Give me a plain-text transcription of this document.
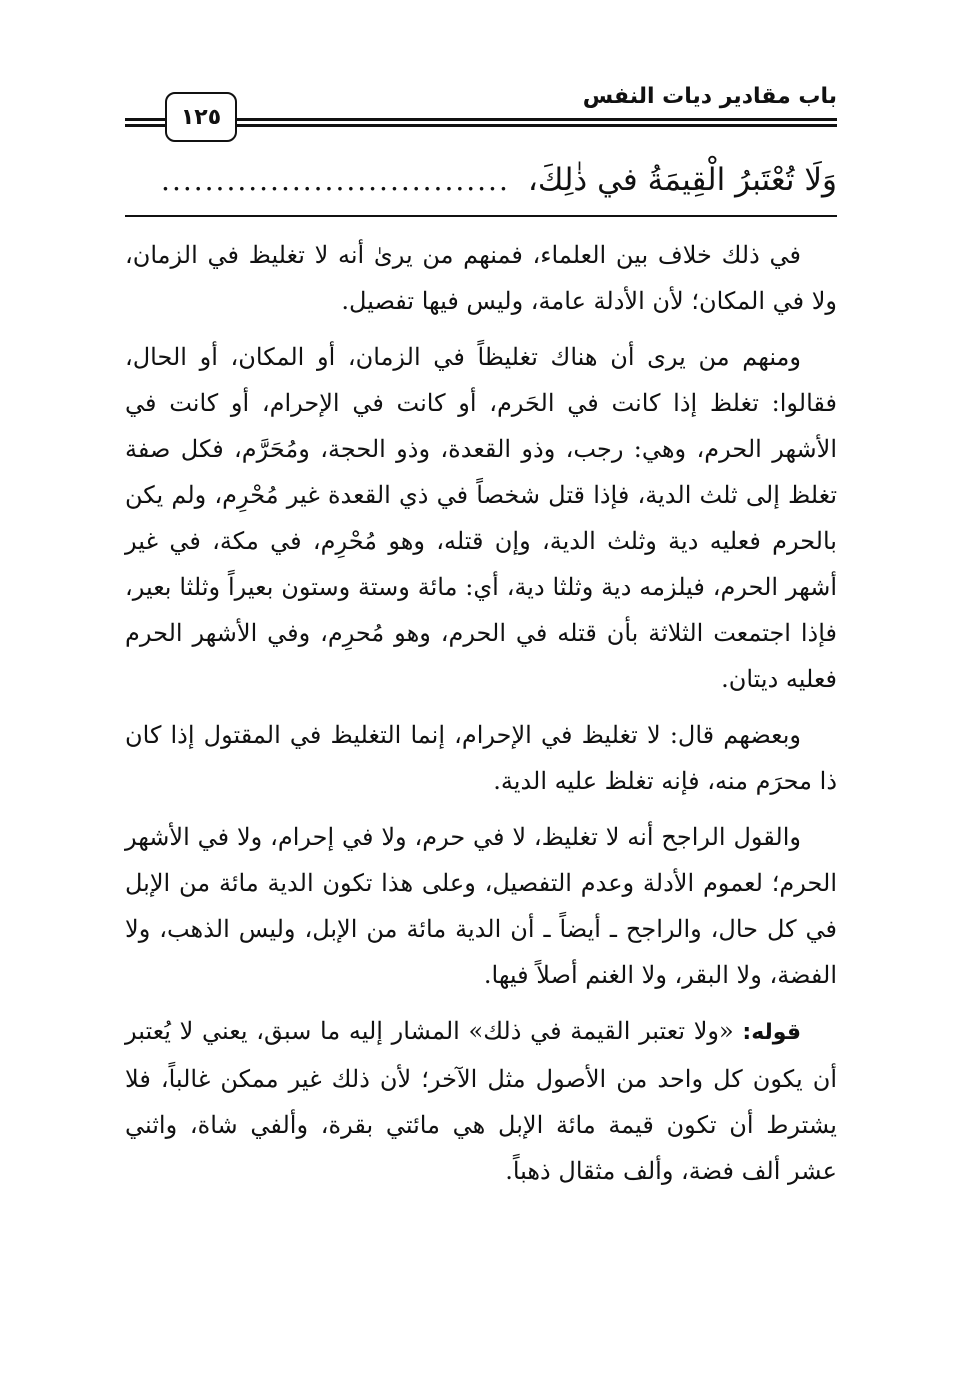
باب مقادير ديات النفس
١٢٥
وَلَا تُعْتَبرُ الْقِيمَةُ في ذٰلِكَ،
................................

في ذلك خلاف بين العلماء، فمنهم من يرىٰ أنه لا تغليظ في الزمان، ولا في المكان؛ لأن الأدلة عامة، وليس فيها تفصيل.

ومنهم من يرى أن هناك تغليظاً في الزمان، أو المكان، أو الحال، فقالوا: تغلظ إذا كانت في الحَرم، أو كانت في الإحرام، أو كانت في الأشهر الحرم، وهي: رجب، وذو القعدة، وذو الحجة، ومُحَرَّم، فكل صفة تغلظ إلى ثلث الدية، فإذا قتل شخصاً في ذي القعدة غير مُحْرِم، ولم يكن بالحرم فعليه دية وثلث الدية، وإن قتله، وهو مُحْرِم، في مكة، في غير أشهر الحرم، فيلزمه دية وثلثا دية، أي: مائة وستة وستون بعيراً وثلثا بعير، فإذا اجتمعت الثلاثة بأن قتله في الحرم، وهو مُحرِم، وفي الأشهر الحرم فعليه ديتان.

وبعضهم قال: لا تغليظ في الإحرام، إنما التغليظ في المقتول إذا كان ذا محرَم منه، فإنه تغلظ عليه الدية.

والقول الراجح أنه لا تغليظ، لا في حرم، ولا في إحرام، ولا في الأشهر الحرم؛ لعموم الأدلة وعدم التفصيل، وعلى هذا تكون الدية مائة من الإبل في كل حال، والراجح ـ أيضاً ـ أن الدية مائة من الإبل، وليس الذهب، ولا الفضة، ولا البقر، ولا الغنم أصلاً فيها.

قوله: «ولا تعتبر القيمة في ذلك» المشار إليه ما سبق، يعني لا يُعتبر أن يكون كل واحد من الأصول مثل الآخر؛ لأن ذلك غير ممكن غالباً، فلا يشترط أن تكون قيمة مائة الإبل هي مائتي بقرة، وألفي شاة، واثني عشر ألف فضة، وألف مثقال ذهباً.
